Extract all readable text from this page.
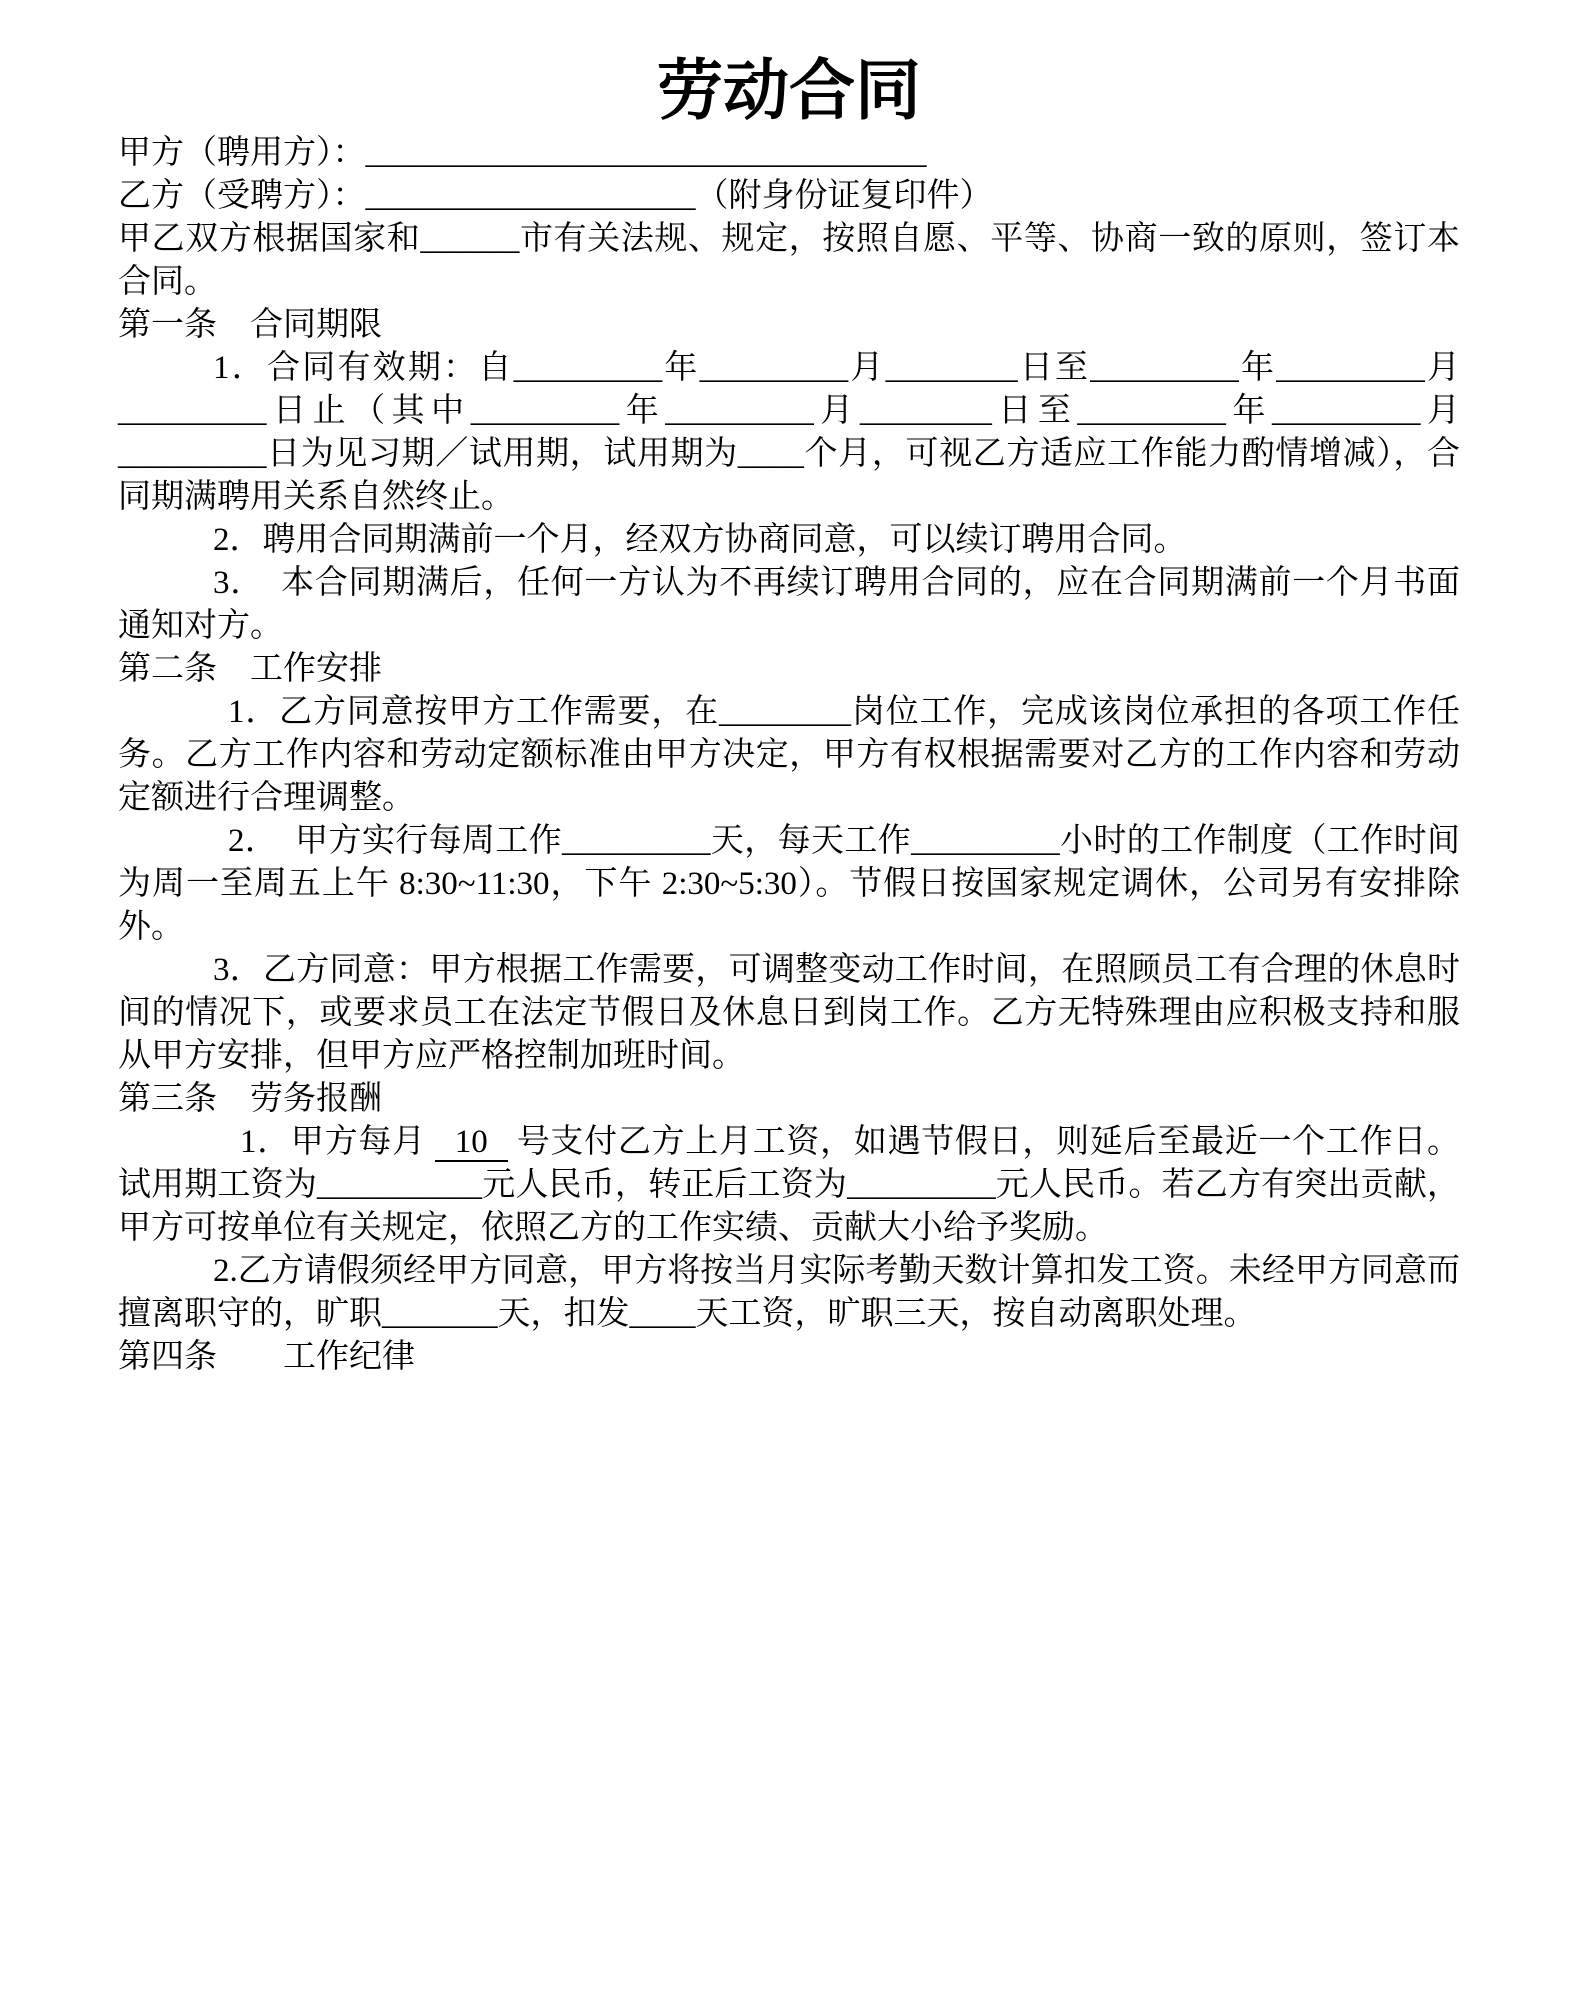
劳动合同

甲方（聘用方）：__________________________________

乙方（受聘方）：____________________（附身份证复印件）

甲乙双方根据国家和______市有关法规、规定，按照自愿、平等、协商一致的原则，签订本合同。

第一条　合同期限

1．合同有效期：自_________年_________月________日至_________年_________月_________日止（其中_________年_________月________日至_________年_________月_________日为见习期／试用期，试用期为____个月，可视乙方适应工作能力酌情增减），合同期满聘用关系自然终止。

2．聘用合同期满前一个月，经双方协商同意，可以续订聘用合同。

3．　本合同期满后，任何一方认为不再续订聘用合同的，应在合同期满前一个月书面通知对方。

第二条　工作安排

1．乙方同意按甲方工作需要，在________岗位工作，完成该岗位承担的各项工作任务。乙方工作内容和劳动定额标准由甲方决定，甲方有权根据需要对乙方的工作内容和劳动定额进行合理调整。

2．　甲方实行每周工作_________天，每天工作_________小时的工作制度（工作时间为周一至周五上午 8:30~11:30，下午 2:30~5:30）。节假日按国家规定调休，公司另有安排除外。

3．乙方同意：甲方根据工作需要，可调整变动工作时间，在照顾员工有合理的休息时间的情况下，或要求员工在法定节假日及休息日到岗工作。乙方无特殊理由应积极支持和服从甲方安排，但甲方应严格控制加班时间。

第三条　劳务报酬

1．甲方每月 10 号支付乙方上月工资，如遇节假日，则延后至最近一个工作日。试用期工资为__________元人民币，转正后工资为_________元人民币。若乙方有突出贡献，甲方可按单位有关规定，依照乙方的工作实绩、贡献大小给予奖励。

2.乙方请假须经甲方同意，甲方将按当月实际考勤天数计算扣发工资。未经甲方同意而擅离职守的，旷职_______天，扣发____天工资，旷职三天，按自动离职处理。

第四条　　工作纪律
